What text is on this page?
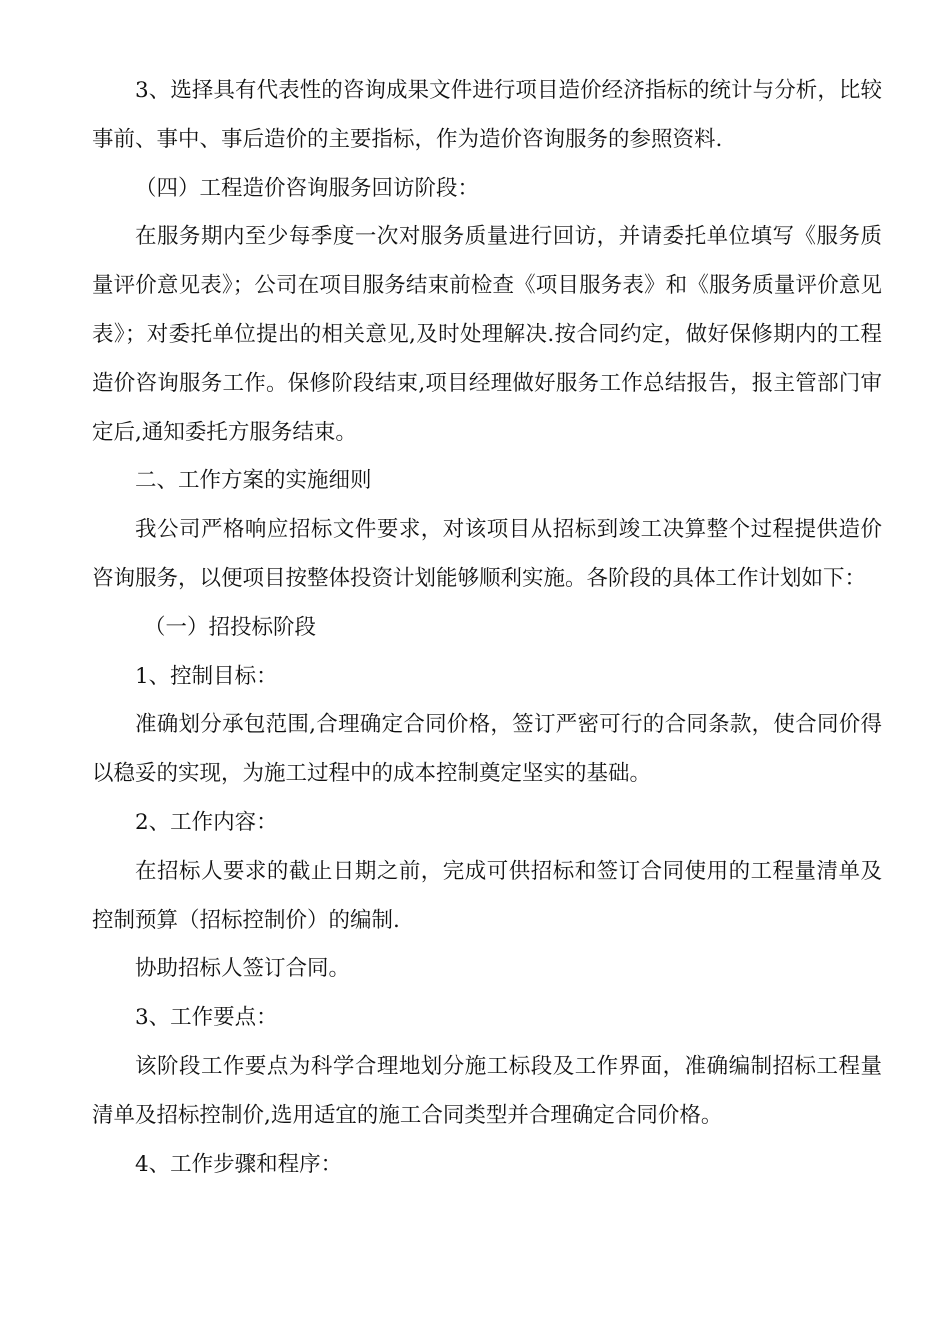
3、选择具有代表性的咨询成果文件进行项目造价经济指标的统计与分析，比较事前、事中、事后造价的主要指标，作为造价咨询服务的参照资料.

（四）工程造价咨询服务回访阶段：

在服务期内至少每季度一次对服务质量进行回访，并请委托单位填写《服务质量评价意见表》；公司在项目服务结束前检查《项目服务表》和《服务质量评价意见表》；对委托单位提出的相关意见,及时处理解决.按合同约定，做好保修期内的工程造价咨询服务工作。保修阶段结束,项目经理做好服务工作总结报告，报主管部门审定后,通知委托方服务结束。

二、工作方案的实施细则

我公司严格响应招标文件要求，对该项目从招标到竣工决算整个过程提供造价咨询服务，以便项目按整体投资计划能够顺利实施。各阶段的具体工作计划如下：

（一）招投标阶段

1、控制目标：

准确划分承包范围,合理确定合同价格，签订严密可行的合同条款，使合同价得以稳妥的实现，为施工过程中的成本控制奠定坚实的基础。

2、工作内容：

在招标人要求的截止日期之前，完成可供招标和签订合同使用的工程量清单及控制预算（招标控制价）的编制.

协助招标人签订合同。

3、工作要点：

该阶段工作要点为科学合理地划分施工标段及工作界面，准确编制招标工程量清单及招标控制价,选用适宜的施工合同类型并合理确定合同价格。

4、工作步骤和程序：
